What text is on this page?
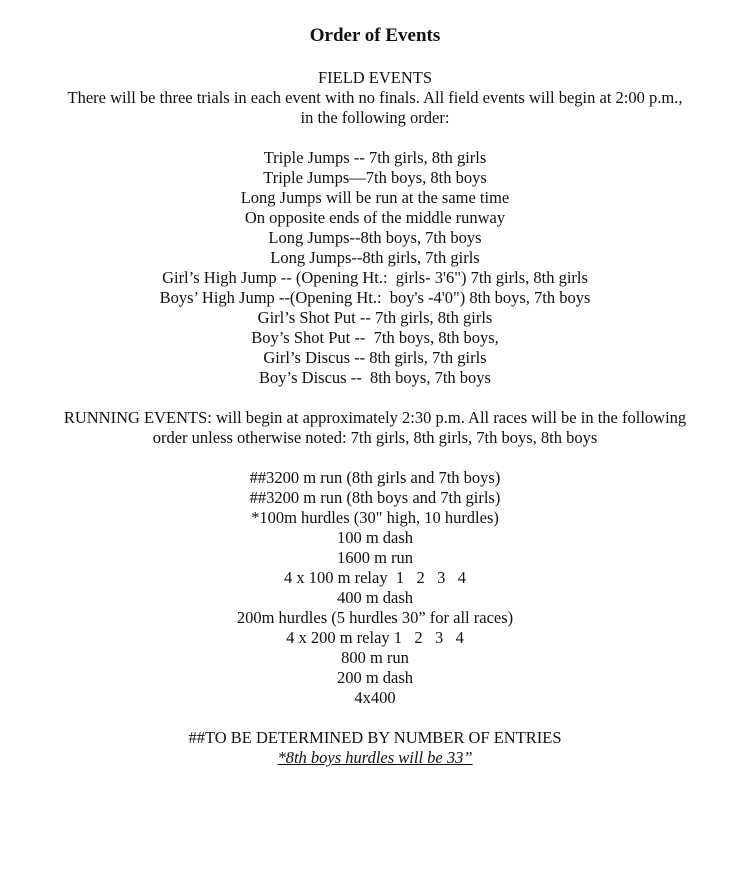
Order of Events
FIELD EVENTS
There will be three trials in each event with no finals. All field events will begin at 2:00 p.m., in the following order:
Triple Jumps -- 7th girls, 8th girls
Triple Jumps—7th boys, 8th boys
Long Jumps will be run at the same time
On opposite ends of the middle runway
Long Jumps--8th boys, 7th boys
Long Jumps--8th girls, 7th girls
Girl’s High Jump -- (Opening Ht.:  girls- 3'6") 7th girls, 8th girls
Boys’ High Jump --(Opening Ht.:  boy's -4'0") 8th boys, 7th boys
Girl’s Shot Put -- 7th girls, 8th girls
Boy’s Shot Put --  7th boys, 8th boys,
Girl’s Discus -- 8th girls, 7th girls
Boy’s Discus --  8th boys, 7th boys
RUNNING EVENTS: will begin at approximately 2:30 p.m. All races will be in the following order unless otherwise noted: 7th girls, 8th girls, 7th boys, 8th boys
##3200 m run (8th girls and 7th boys)
##3200 m run (8th boys and 7th girls)
*100m hurdles (30" high, 10 hurdles)
100 m dash
1600 m run
4 x 100 m relay  1   2   3   4
400 m dash
200m hurdles (5 hurdles 30” for all races)
4 x 200 m relay 1   2   3   4
800 m run
200 m dash
4x400
##TO BE DETERMINED BY NUMBER OF ENTRIES
*8th boys hurdles will be 33”
